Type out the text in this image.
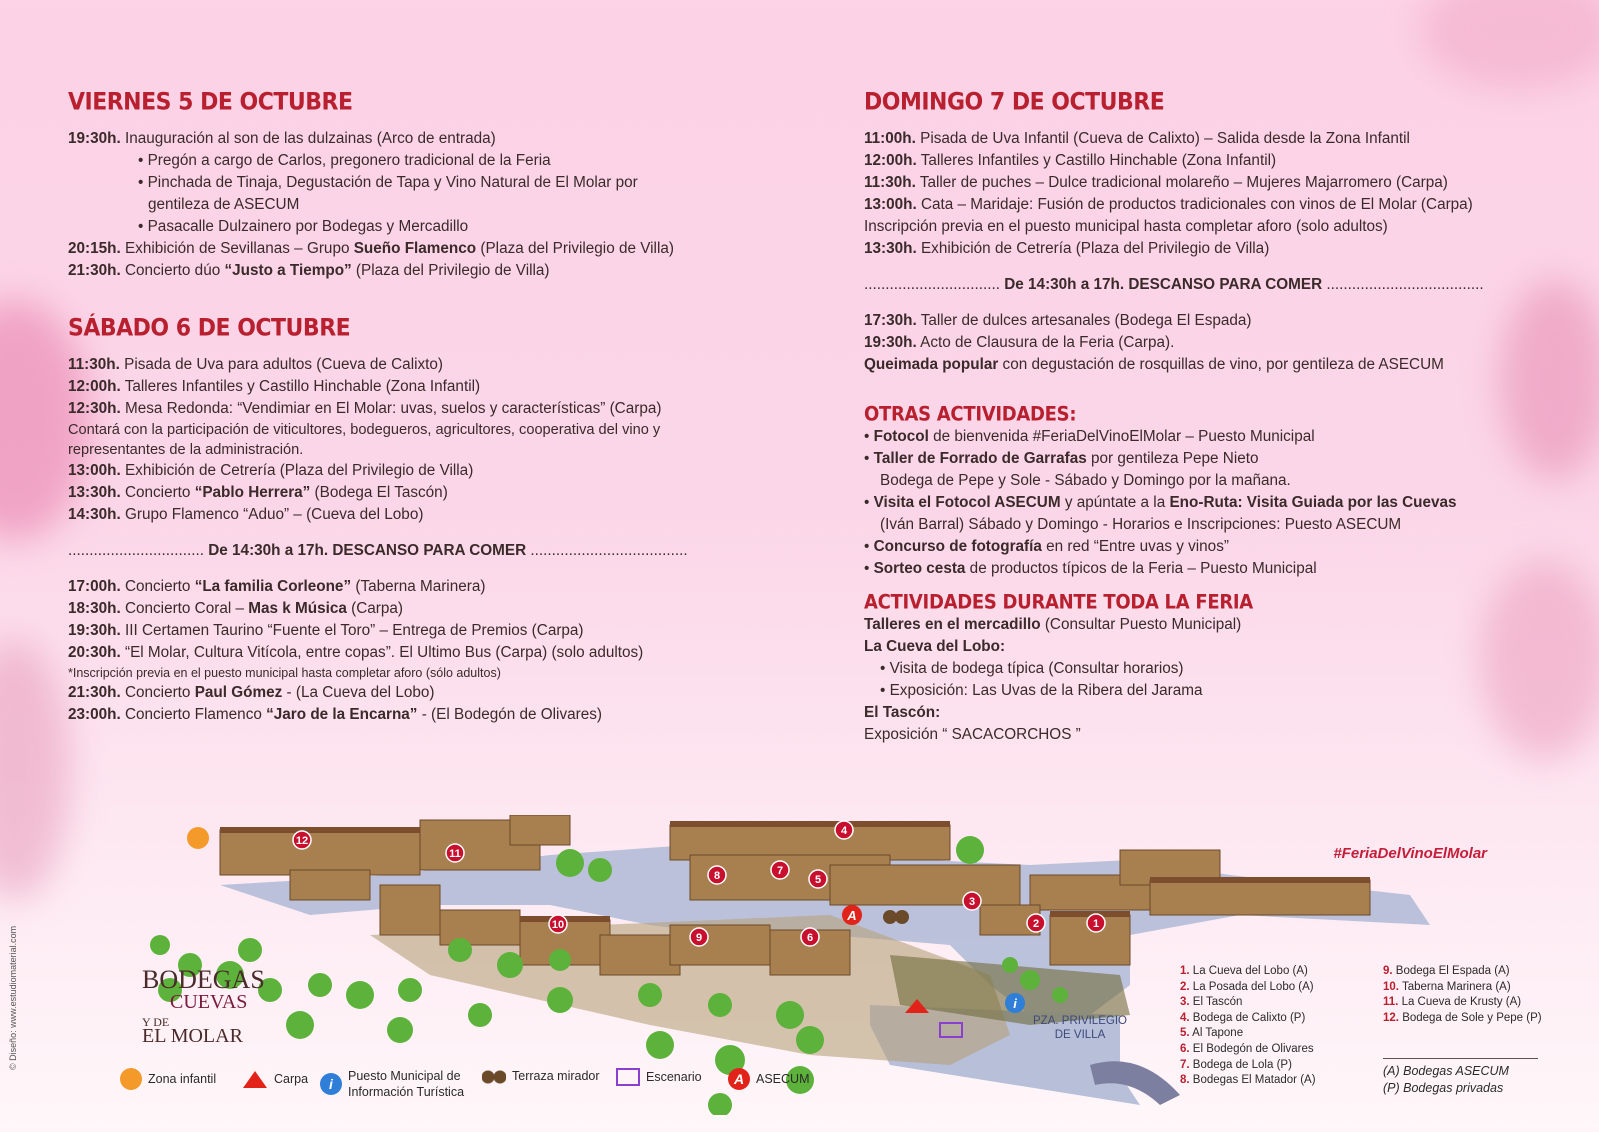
VIERNES 5 DE OCTUBRE
19:30h. Inauguración al son de las dulzainas (Arco de entrada)
• Pregón a cargo de Carlos, pregonero tradicional de la Feria
• Pinchada de Tinaja, Degustación de Tapa y Vino Natural de El Molar por
gentileza de ASECUM
• Pasacalle Dulzainero por Bodegas y Mercadillo
20:15h. Exhibición de Sevillanas – Grupo Sueño Flamenco (Plaza del Privilegio de Villa)
21:30h. Concierto dúo “Justo a Tiempo” (Plaza del Privilegio de Villa)
SÁBADO 6 DE OCTUBRE
11:30h. Pisada de Uva para adultos (Cueva de Calixto)
12:00h. Talleres Infantiles y Castillo Hinchable (Zona Infantil)
12:30h. Mesa Redonda: “Vendimiar en El Molar: uvas, suelos y características” (Carpa)
Contará con la participación de viticultores, bodegueros, agricultores, cooperativa del vino y representantes de la administración.
13:00h. Exhibición de Cetrería (Plaza del Privilegio de Villa)
13:30h. Concierto “Pablo Herrera” (Bodega El Tascón)
14:30h. Grupo Flamenco “Aduo” – (Cueva del Lobo)
................................ De 14:30h a 17h. DESCANSO PARA COMER .....................................
17:00h. Concierto “La familia Corleone” (Taberna Marinera)
18:30h. Concierto Coral – Mas k Música (Carpa)
19:30h. III Certamen Taurino “Fuente el Toro” – Entrega de Premios (Carpa)
20:30h. “El Molar, Cultura Vitícola, entre copas”. El Ultimo Bus (Carpa) (solo adultos)
*Inscripción previa en el puesto municipal hasta completar aforo (sólo adultos)
21:30h. Concierto Paul Gómez - (La Cueva del Lobo)
23:00h. Concierto Flamenco “Jaro de la Encarna” - (El Bodegón de Olivares)
DOMINGO 7 DE OCTUBRE
11:00h. Pisada de Uva Infantil (Cueva de Calixto) – Salida desde la Zona Infantil
12:00h. Talleres Infantiles y Castillo Hinchable (Zona Infantil)
11:30h. Taller de puches – Dulce tradicional molareño – Mujeres Majarromero (Carpa)
13:00h. Cata – Maridaje: Fusión de productos tradicionales con vinos de El Molar (Carpa)
Inscripción previa en el puesto municipal hasta completar aforo (solo adultos)
13:30h. Exhibición de Cetrería (Plaza del Privilegio de Villa)
................................ De 14:30h a 17h. DESCANSO PARA COMER .....................................
17:30h. Taller de dulces artesanales (Bodega El Espada)
19:30h. Acto de Clausura de la Feria (Carpa).
Queimada popular con degustación de rosquillas de vino, por gentileza de ASECUM
OTRAS ACTIVIDADES:
• Fotocol de bienvenida #FeriaDelVinoElMolar – Puesto Municipal
• Taller de Forrado de Garrafas por gentileza Pepe Nieto
Bodega de Pepe y Sole - Sábado y Domingo por la mañana.
• Visita el Fotocol ASECUM y apúntate a la Eno-Ruta: Visita Guiada por las Cuevas
(Iván Barral) Sábado y Domingo - Horarios e Inscripciones: Puesto ASECUM
• Concurso de fotografía en red “Entre uvas y vinos”
• Sorteo cesta de productos típicos de la Feria – Puesto Municipal
ACTIVIDADES DURANTE TODA LA FERIA
Talleres en el mercadillo (Consultar Puesto Municipal)
La Cueva del Lobo:
• Visita de bodega típica (Consultar horarios)
• Exposición: Las Uvas de la Ribera del Jarama
El Tascón:
Exposición “ SACACORCHOS ”
#FeriaDelVinoElMolar
1
2
3
4
5
6
7
8
9
10
11
12
A
i
PZA. PRIVILEGIO
DE VILLA
BODEGAS
CUEVAS
Y DE
EL MOLAR
1. La Cueva del Lobo (A)
2. La Posada del Lobo (A)
3. El Tascón
4. Bodega de Calixto (P)
5. Al Tapone
6. El Bodegón de Olivares
7. Bodega de Lola (P)
8. Bodegas El Matador (A)
9. Bodega El Espada (A)
10. Taberna Marinera (A)
11. La Cueva de Krusty (A)
12. Bodega de Sole y Pepe (P)
(A) Bodegas ASECUM
(P) Bodegas privadas
Zona infantil	Carpa	i	Puesto Municipal de
Información Turística
Terraza mirador	Escenario	A ASECUM
© Diseño: www.estudiomaterial.com
